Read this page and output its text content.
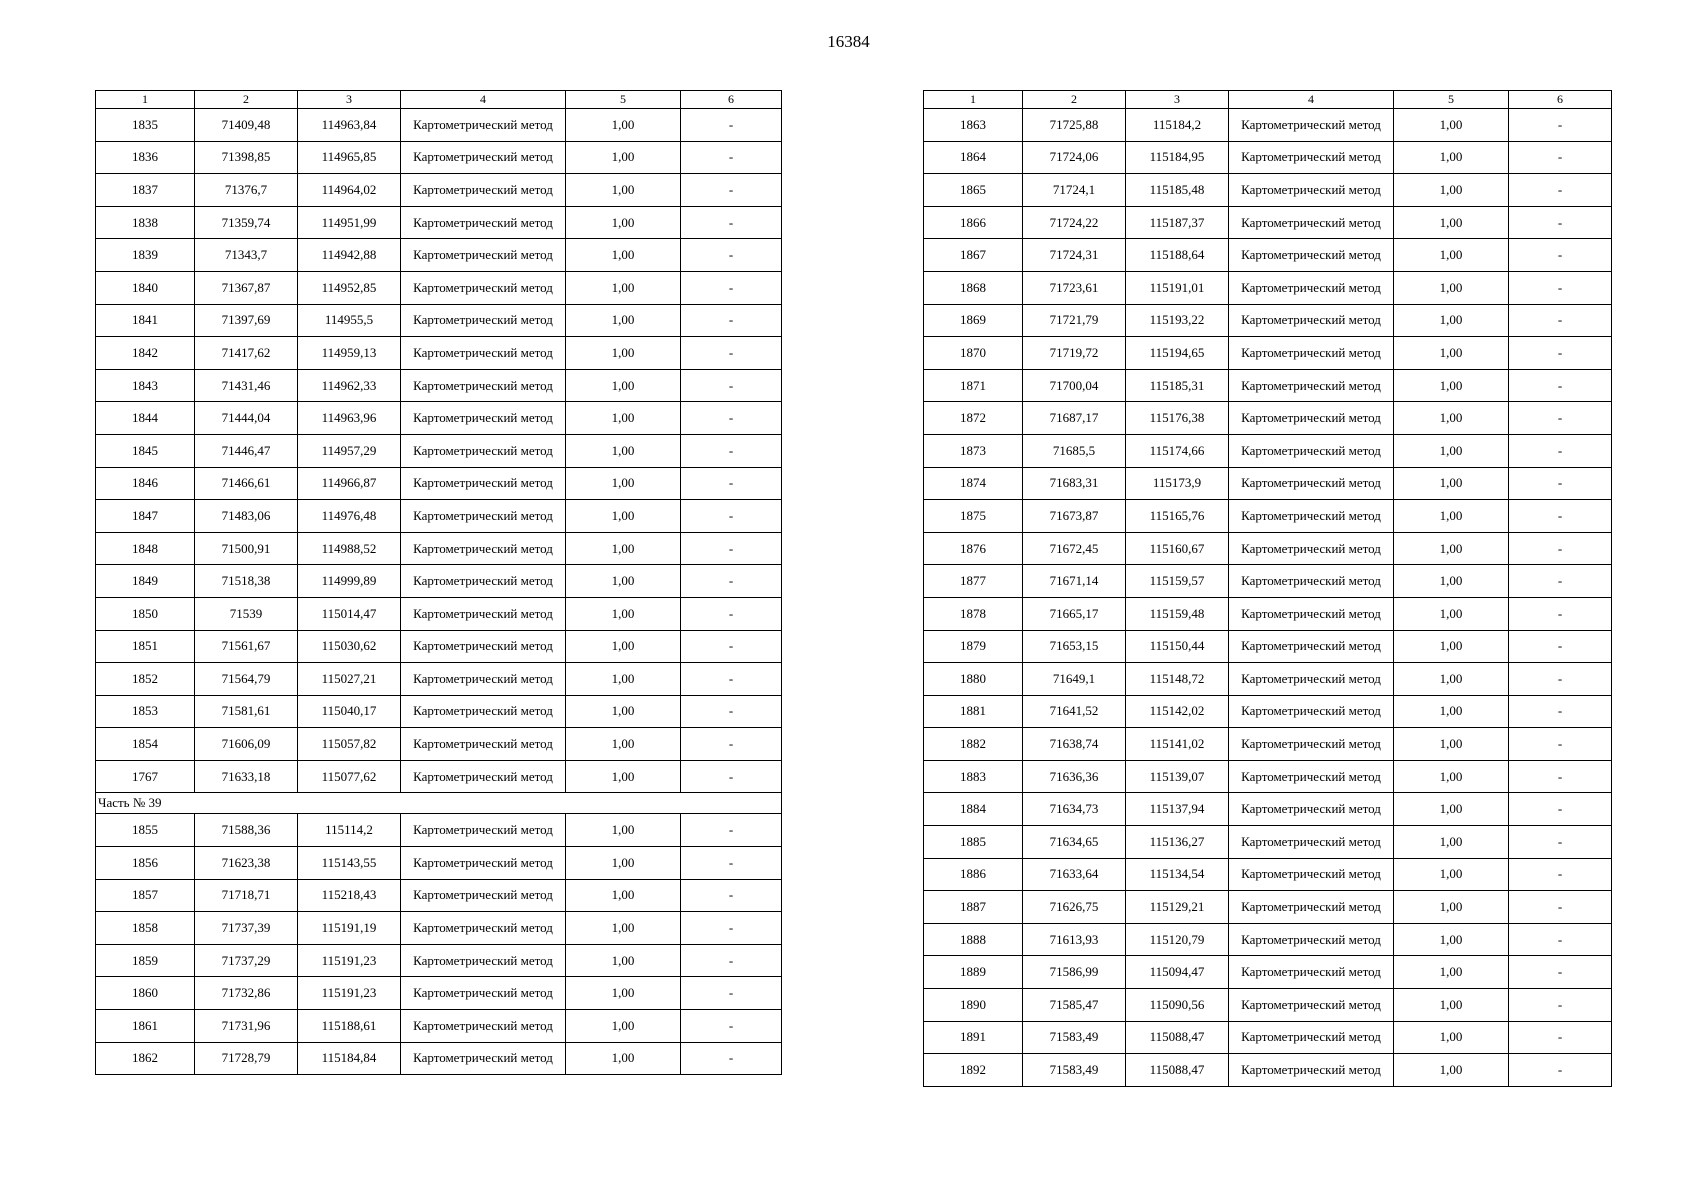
16384
1	2	3	4	5	6
1835	71409,48	114963,84	Картометрический метод	1,00	-
1836	71398,85	114965,85	Картометрический метод	1,00	-
1837	71376,7	114964,02	Картометрический метод	1,00	-
1838	71359,74	114951,99	Картометрический метод	1,00	-
1839	71343,7	114942,88	Картометрический метод	1,00	-
1840	71367,87	114952,85	Картометрический метод	1,00	-
1841	71397,69	114955,5	Картометрический метод	1,00	-
1842	71417,62	114959,13	Картометрический метод	1,00	-
1843	71431,46	114962,33	Картометрический метод	1,00	-
1844	71444,04	114963,96	Картометрический метод	1,00	-
1845	71446,47	114957,29	Картометрический метод	1,00	-
1846	71466,61	114966,87	Картометрический метод	1,00	-
1847	71483,06	114976,48	Картометрический метод	1,00	-
1848	71500,91	114988,52	Картометрический метод	1,00	-
1849	71518,38	114999,89	Картометрический метод	1,00	-
1850	71539	115014,47	Картометрический метод	1,00	-
1851	71561,67	115030,62	Картометрический метод	1,00	-
1852	71564,79	115027,21	Картометрический метод	1,00	-
1853	71581,61	115040,17	Картометрический метод	1,00	-
1854	71606,09	115057,82	Картометрический метод	1,00	-
1767	71633,18	115077,62	Картометрический метод	1,00	-
Часть № 39					
1855	71588,36	115114,2	Картометрический метод	1,00	-
1856	71623,38	115143,55	Картометрический метод	1,00	-
1857	71718,71	115218,43	Картометрический метод	1,00	-
1858	71737,39	115191,19	Картометрический метод	1,00	-
1859	71737,29	115191,23	Картометрический метод	1,00	-
1860	71732,86	115191,23	Картометрический метод	1,00	-
1861	71731,96	115188,61	Картометрический метод	1,00	-
1862	71728,79	115184,84	Картометрический метод	1,00	-
1	2	3	4	5	6
1863	71725,88	115184,2	Картометрический метод	1,00	-
1864	71724,06	115184,95	Картометрический метод	1,00	-
1865	71724,1	115185,48	Картометрический метод	1,00	-
1866	71724,22	115187,37	Картометрический метод	1,00	-
1867	71724,31	115188,64	Картометрический метод	1,00	-
1868	71723,61	115191,01	Картометрический метод	1,00	-
1869	71721,79	115193,22	Картометрический метод	1,00	-
1870	71719,72	115194,65	Картометрический метод	1,00	-
1871	71700,04	115185,31	Картометрический метод	1,00	-
1872	71687,17	115176,38	Картометрический метод	1,00	-
1873	71685,5	115174,66	Картометрический метод	1,00	-
1874	71683,31	115173,9	Картометрический метод	1,00	-
1875	71673,87	115165,76	Картометрический метод	1,00	-
1876	71672,45	115160,67	Картометрический метод	1,00	-
1877	71671,14	115159,57	Картометрический метод	1,00	-
1878	71665,17	115159,48	Картометрический метод	1,00	-
1879	71653,15	115150,44	Картометрический метод	1,00	-
1880	71649,1	115148,72	Картометрический метод	1,00	-
1881	71641,52	115142,02	Картометрический метод	1,00	-
1882	71638,74	115141,02	Картометрический метод	1,00	-
1883	71636,36	115139,07	Картометрический метод	1,00	-
1884	71634,73	115137,94	Картометрический метод	1,00	-
1885	71634,65	115136,27	Картометрический метод	1,00	-
1886	71633,64	115134,54	Картометрический метод	1,00	-
1887	71626,75	115129,21	Картометрический метод	1,00	-
1888	71613,93	115120,79	Картометрический метод	1,00	-
1889	71586,99	115094,47	Картометрический метод	1,00	-
1890	71585,47	115090,56	Картометрический метод	1,00	-
1891	71583,49	115088,47	Картометрический метод	1,00	-
1892	71583,49	115088,47	Картометрический метод	1,00	-
